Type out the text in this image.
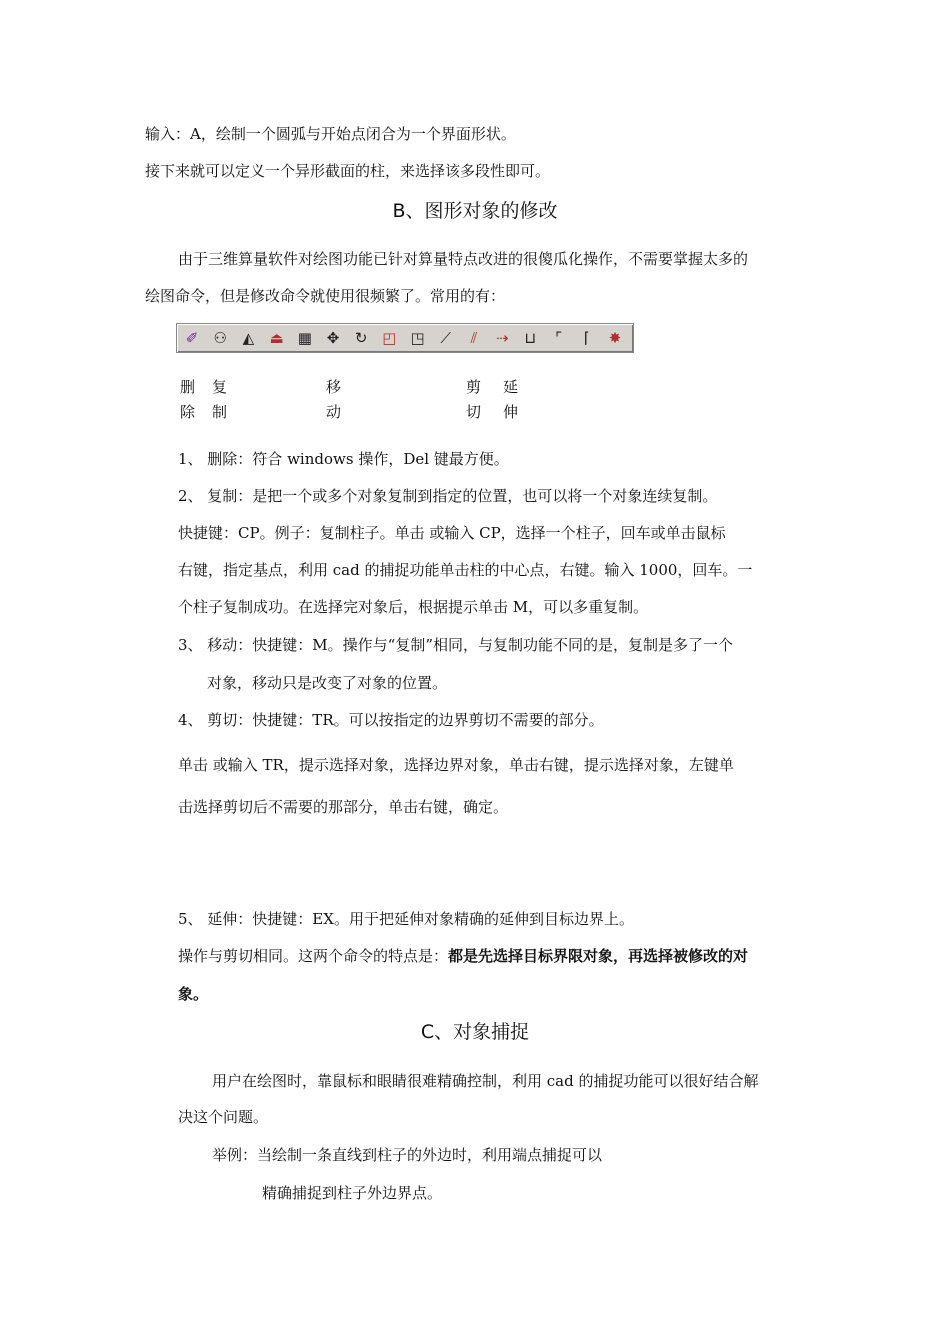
输入：A，绘制一个圆弧与开始点闭合为一个界面形状。
接下来就可以定义一个异形截面的柱，来选择该多段性即可。
B、图形对象的修改
由于三维算量软件对绘图功能已针对算量特点改进的很傻瓜化操作，不需要掌握太多的
绘图命令，但是修改命令就使用很频繁了。常用的有：
✐	⚇	◭	⏏ ▦ ✥	↻ ◰ ◳	⟋	⫽	⇢	⊔	⌜	⌈	✸
删
除
复
制
移
动
剪
切
延
伸
1、 删除：符合 windows 操作，Del 键最方便。
2、 复制：是把一个或多个对象复制到指定的位置，也可以将一个对象连续复制。
快捷键：CP。例子：复制柱子。单击 或输入 CP，选择一个柱子，回车或单击鼠标
右键，指定基点，利用 cad 的捕捉功能单击柱的中心点，右键。输入 1000，回车。一
个柱子复制成功。在选择完对象后，根据提示单击 M，可以多重复制。
3、 移动：快捷键：M。操作与“复制”相同，与复制功能不同的是，复制是多了一个
对象，移动只是改变了对象的位置。
4、 剪切：快捷键：TR。可以按指定的边界剪切不需要的部分。
单击 或输入 TR，提示选择对象，选择边界对象，单击右键，提示选择对象，左键单
击选择剪切后不需要的那部分，单击右键，确定。
5、 延伸：快捷键：EX。用于把延伸对象精确的延伸到目标边界上。
操作与剪切相同。这两个命令的特点是：都是先选择目标界限对象，再选择被修改的对
象。
C、对象捕捉
用户在绘图时，靠鼠标和眼睛很难精确控制，利用 cad 的捕捉功能可以很好结合解
决这个问题。
举例：当绘制一条直线到柱子的外边时，利用端点捕捉可以
精确捕捉到柱子外边界点。
